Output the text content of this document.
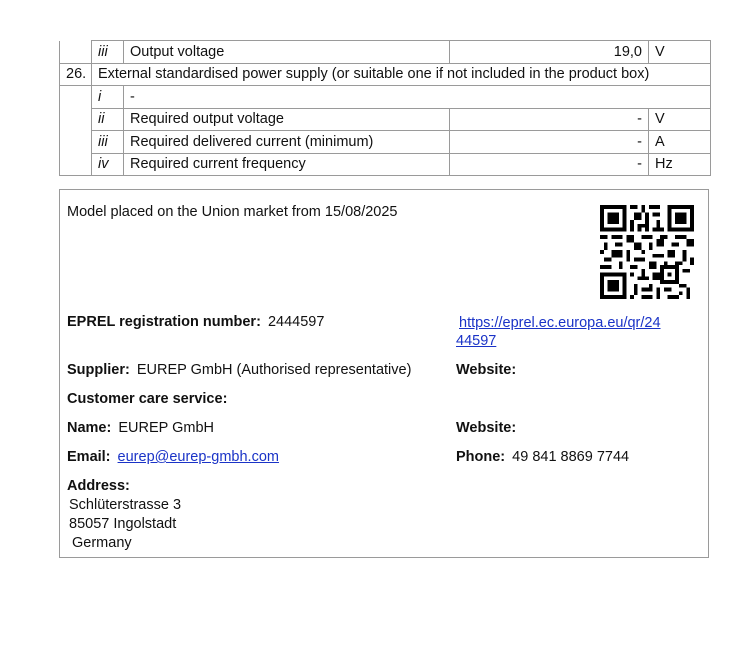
	iii	Output voltage	19,0	V
26.	External standardised power supply (or suitable one if not included in the product box)			
	i	-		
	ii	Required output voltage	-	V
	iii	Required delivered current (minimum)	-	A
	iv	Required current frequency	-	Hz
Model placed on the Union market from 15/08/2025
EPREL registration number: 2444597	https://eprel.ec.europa.eu/qr/24
44597
Supplier: EUREP GmbH (Authorised representative)	Website:
Customer care service:
Name: EUREP GmbH	Website:
Email: eurep@eurep-gmbh.com	Phone: 49 841 8869 7744
Address:
Schlüterstrasse 3
85057 Ingolstadt
Germany
